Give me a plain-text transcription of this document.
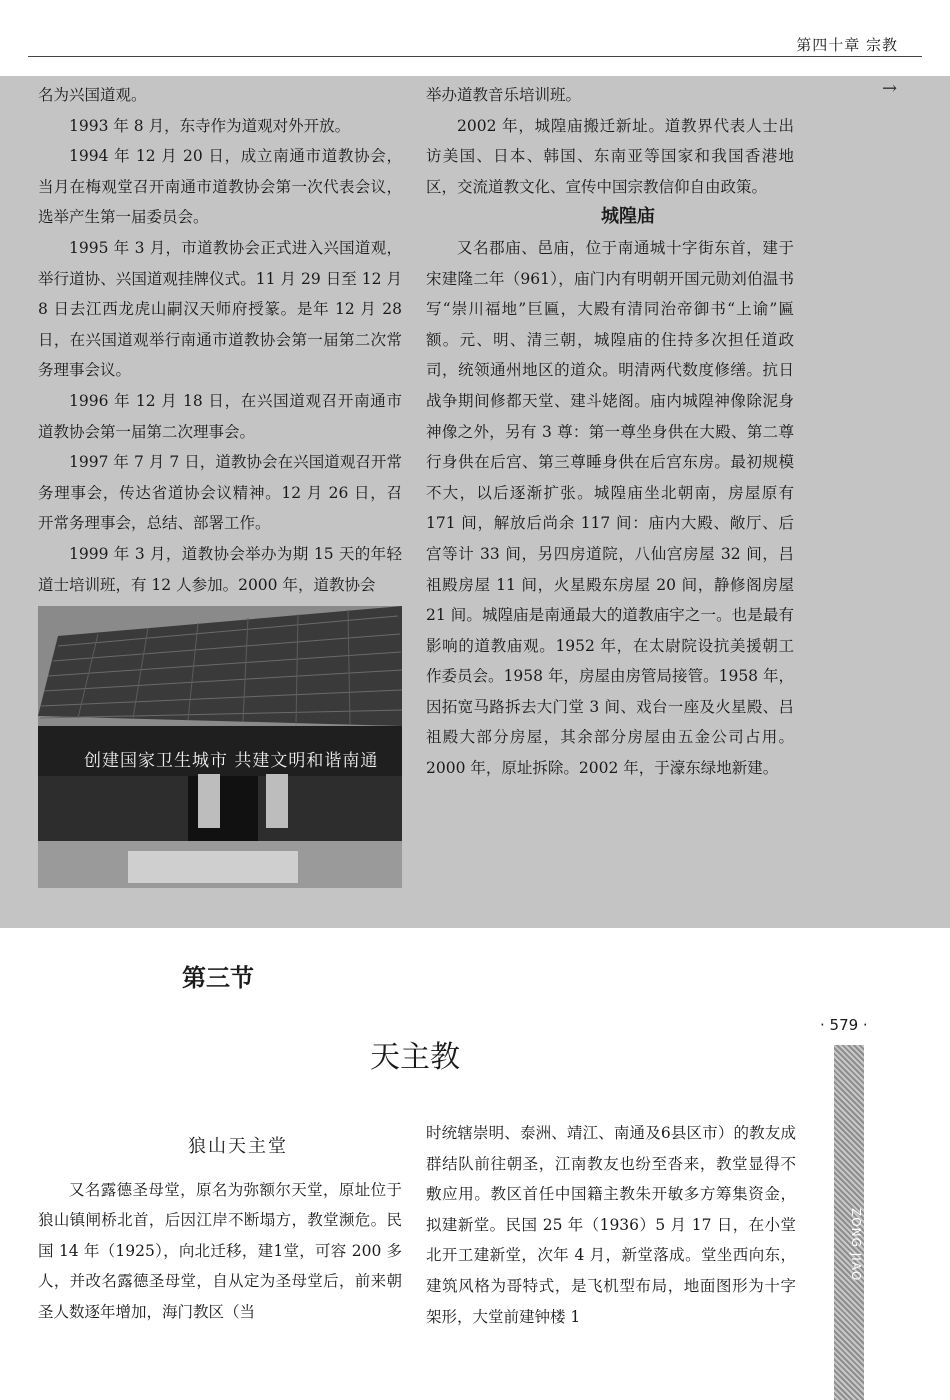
第四十章 宗教
→

名为兴国道观。

1993 年 8 月，东寺作为道观对外开放。

1994 年 12 月 20 日，成立南通市道教协会，当月在梅观堂召开南通市道教协会第一次代表会议，选举产生第一届委员会。

1995 年 3 月，市道教协会正式进入兴国道观，举行道协、兴国道观挂牌仪式。11 月 29 日至 12 月 8 日去江西龙虎山嗣汉天师府授篆。是年 12 月 28 日，在兴国道观举行南通市道教协会第一届第二次常务理事会议。

1996 年 12 月 18 日，在兴国道观召开南通市道教协会第一届第二次理事会。

1997 年 7 月 7 日，道教协会在兴国道观召开常务理事会，传达省道协会议精神。12 月 26 日，召开常务理事会，总结、部署工作。

1999 年 3 月，道教协会举办为期 15 天的年轻道士培训班，有 12 人参加。2000 年，道教协会

创建国家卫生城市 共建文明和谐南通

举办道教音乐培训班。

2002 年，城隍庙搬迁新址。道教界代表人士出访美国、日本、韩国、东南亚等国家和我国香港地区，交流道教文化、宣传中国宗教信仰自由政策。

城隍庙

又名郡庙、邑庙，位于南通城十字街东首，建于宋建隆二年（961），庙门内有明朝开国元勋刘伯温书写“崇川福地”巨匾，大殿有清同治帝御书“上谕”匾额。元、明、清三朝，城隍庙的住持多次担任道政司，统领通州地区的道众。明清两代数度修缮。抗日战争期间修都天堂、建斗姥阁。庙内城隍神像除泥身神像之外，另有 3 尊：第一尊坐身供在大殿、第二尊行身供在后宫、第三尊睡身供在后宫东房。最初规模不大，以后逐渐扩张。城隍庙坐北朝南，房屋原有 171 间，解放后尚余 117 间：庙内大殿、敞厅、后宫等计 33 间，另四房道院，八仙宫房屋 32 间，吕祖殿房屋 11 间，火星殿东房屋 20 间，静修阁房屋 21 间。城隍庙是南通最大的道教庙宇之一。也是最有影响的道教庙观。1952 年，在太尉院设抗美援朝工作委员会。1958 年，房屋由房管局接管。1958 年，因拓宽马路拆去大门堂 3 间、戏台一座及火星殿、吕祖殿大部分房屋，其余部分房屋由五金公司占用。2000 年，原址拆除。2002 年，于濠东绿地新建。

第三节
· 579 ·
天主教
ZONG JIAO

狼山天主堂

又名露德圣母堂，原名为弥额尔天堂，原址位于狼山镇闸桥北首，后因江岸不断塌方，教堂濒危。民国 14 年（1925），向北迁移，建1堂，可容 200 多人，并改名露德圣母堂，自从定为圣母堂后，前来朝圣人数逐年增加，海门教区（当

时统辖崇明、泰洲、靖江、南通及6县区市）的教友成群结队前往朝圣，江南教友也纷至沓来，教堂显得不敷应用。教区首任中国籍主教朱开敏多方筹集资金，拟建新堂。民国 25 年（1936）5 月 17 日，在小堂北开工建新堂，次年 4 月，新堂落成。堂坐西向东，建筑风格为哥特式，是飞机型布局，地面图形为十字架形，大堂前建钟楼 1
